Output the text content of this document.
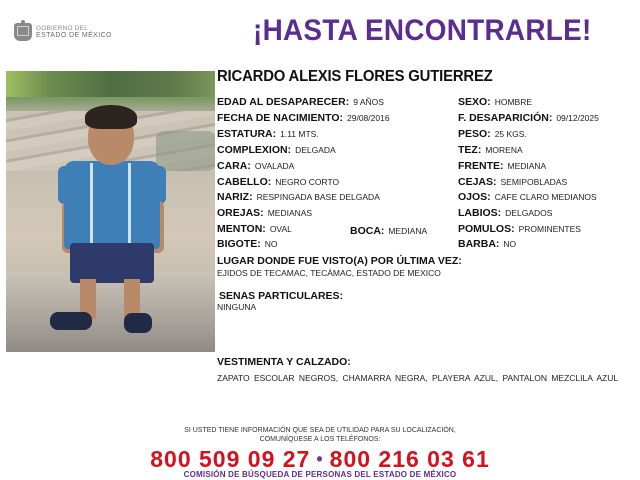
GOBIERNO DEL
ESTADO DE MÉXICO	¡HASTA ENCONTRARLE!
RICARDO ALEXIS FLORES GUTIERREZ
EDAD AL DESAPARECER: 9 AÑOS
FECHA DE NACIMIENTO: 29/08/2016
ESTATURA: 1.11 MTS.
COMPLEXION: DELGADA
CARA: OVALADA
CABELLO: NEGRO CORTO
NARIZ: RESPINGADA BASE DELGADA
OREJAS: MEDIANAS
MENTON: OVAL
BIGOTE: NO
BOCA: MEDIANA
SEXO: HOMBRE
F. DESAPARICIÓN: 09/12/2025
PESO: 25 KGS.
TEZ: MORENA
FRENTE: MEDIANA
CEJAS: SEMIPOBLADAS
OJOS: CAFE CLARO MEDIANOS
LABIOS: DELGADOS
POMULOS: PROMINENTES
BARBA: NO
LUGAR DONDE FUE VISTO(A) POR ÚLTIMA VEZ:
EJIDOS DE TECAMAC, TECÁMAC, ESTADO DE MEXICO
SENAS PARTICULARES:
NINGUNA
VESTIMENTA Y CALZADO:
ZAPATO ESCOLAR NEGROS, CHAMARRA NEGRA, PLAYERA AZUL, PANTALON MEZCLILA AZUL
SI USTED TIENE INFORMACIÓN QUE SEA DE UTILIDAD PARA SU LOCALIZACIÓN,
COMUNÍQUESE A LOS TELÉFONOS:
800 509 09 27 • 800 216 03 61
COMISIÓN DE BÚSQUEDA DE PERSONAS DEL ESTADO DE MÉXICO
